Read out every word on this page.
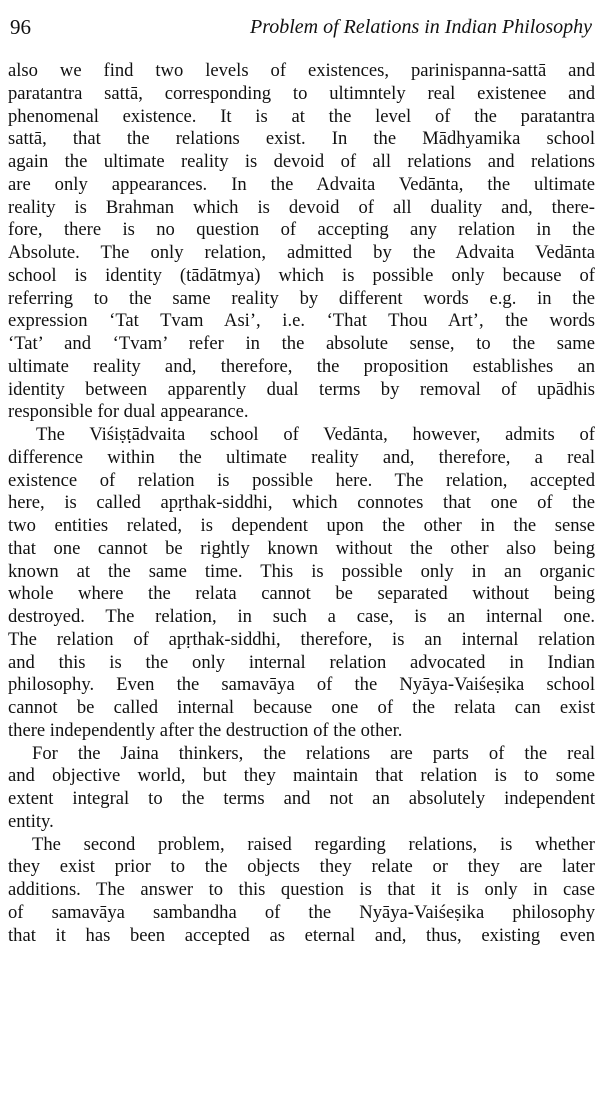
96	Problem of Relations in Indian Philosophy
also we find two levels of existences, parinispanna-sattā and
paratantra sattā, corresponding to ultimntely real existenee and
phenomenal existence. It is at the level of the paratantra
sattā, that the relations exist. In the Mādhyamika school
again the ultimate reality is devoid of all relations and relations
are only appearances. In the Advaita Vedānta, the ultimate
reality is Brahman which is devoid of all duality and, there-
fore, there is no question of accepting any relation in the
Absolute. The only relation, admitted by the Advaita Vedānta
school is identity (tādātmya) which is possible only because of
referring to the same reality by different words e.g. in the
expression ‘Tat Tvam Asi’, i.e. ‘That Thou Art’, the words
‘Tat’ and ‘Tvam’ refer in the absolute sense, to the same
ultimate reality and, therefore, the proposition establishes an
identity between apparently dual terms by removal of upādhis
responsible for dual appearance.
The Viśiṣṭādvaita school of Vedānta, however, admits of
difference within the ultimate reality and, therefore, a real
existence of relation is possible here. The relation, accepted
here, is called apṛthak-siddhi, which connotes that one of the
two entities related, is dependent upon the other in the sense
that one cannot be rightly known without the other also being
known at the same time. This is possible only in an organic
whole where the relata cannot be separated without being
destroyed. The relation, in such a case, is an internal one.
The relation of apṛthak-siddhi, therefore, is an internal relation
and this is the only internal relation advocated in Indian
philosophy. Even the samavāya of the Nyāya-Vaiśeṣika school
cannot be called internal because one of the relata can exist
there independently after the destruction of the other.
For the Jaina thinkers, the relations are parts of the real
and objective world, but they maintain that relation is to some
extent integral to the terms and not an absolutely independent
entity.
The second problem, raised regarding relations, is whether
they exist prior to the objects they relate or they are later
additions. The answer to this question is that it is only in case
of samavāya sambandha of the Nyāya-Vaiśeṣika philosophy
that it has been accepted as eternal and, thus, existing even
